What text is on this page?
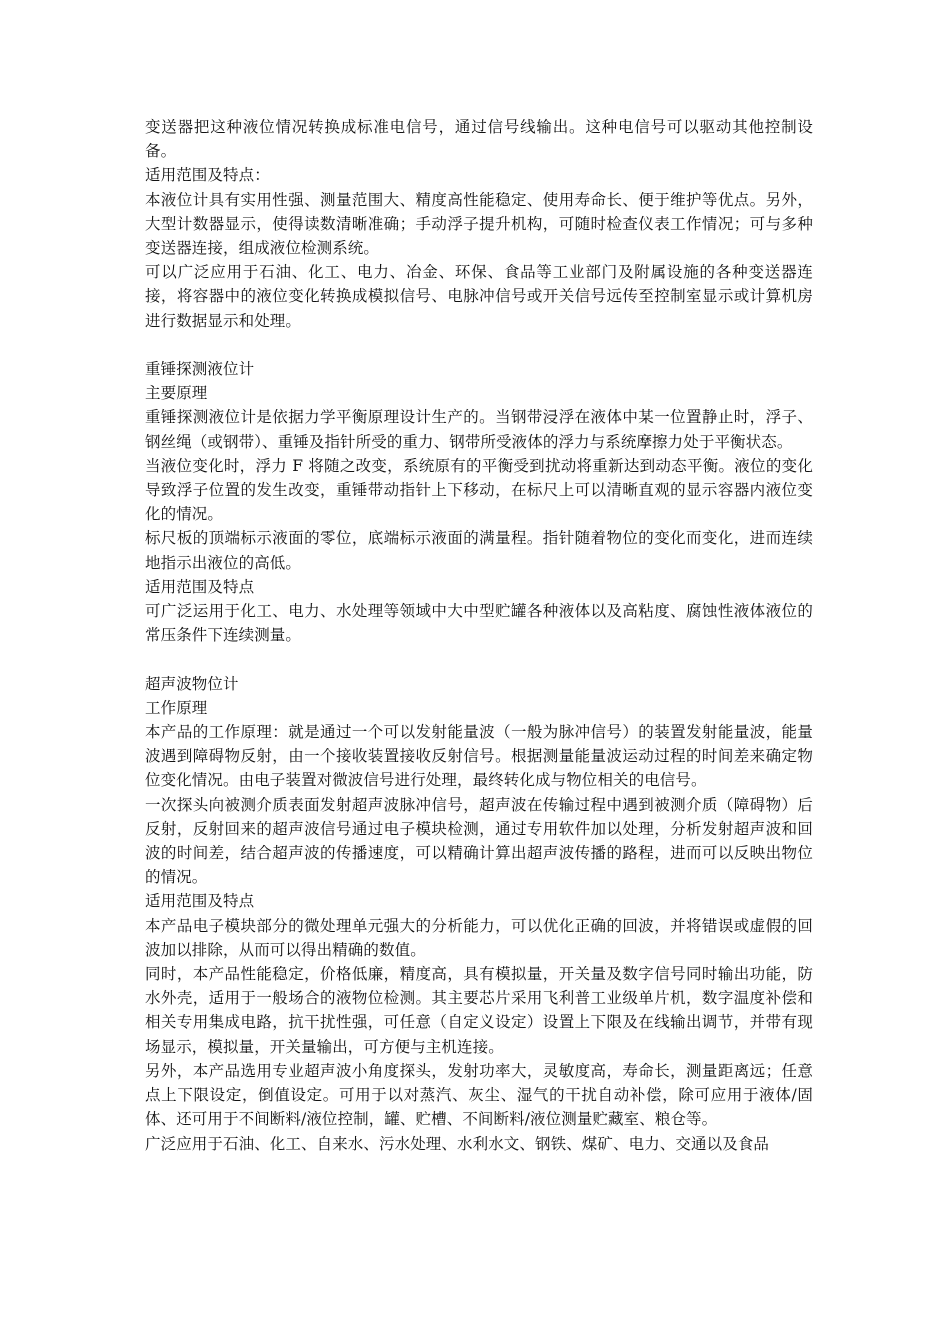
变送器把这种液位情况转换成标准电信号，通过信号线输出。这种电信号可以驱动其他控制设备。

适用范围及特点：

本液位计具有实用性强、测量范围大、精度高性能稳定、使用寿命长、便于维护等优点。另外，大型计数器显示，使得读数清晰准确；手动浮子提升机构，可随时检查仪表工作情况；可与多种变送器连接，组成液位检测系统。

可以广泛应用于石油、化工、电力、冶金、环保、食品等工业部门及附属设施的各种变送器连接，将容器中的液位变化转换成模拟信号、电脉冲信号或开关信号远传至控制室显示或计算机房进行数据显示和处理。

重锤探测液位计

主要原理

重锤探测液位计是依据力学平衡原理设计生产的。当钢带浸浮在液体中某一位置静止时，浮子、钢丝绳（或钢带）、重锤及指针所受的重力、钢带所受液体的浮力与系统摩擦力处于平衡状态。

当液位变化时，浮力 F 将随之改变，系统原有的平衡受到扰动将重新达到动态平衡。液位的变化导致浮子位置的发生改变，重锤带动指针上下移动，在标尺上可以清晰直观的显示容器内液位变化的情况。

标尺板的顶端标示液面的零位，底端标示液面的满量程。指针随着物位的变化而变化，进而连续地指示出液位的高低。

适用范围及特点

可广泛运用于化工、电力、水处理等领域中大中型贮罐各种液体以及高粘度、腐蚀性液体液位的常压条件下连续测量。

超声波物位计

工作原理

本产品的工作原理：就是通过一个可以发射能量波（一般为脉冲信号）的装置发射能量波，能量波遇到障碍物反射，由一个接收装置接收反射信号。根据测量能量波运动过程的时间差来确定物位变化情况。由电子装置对微波信号进行处理，最终转化成与物位相关的电信号。

一次探头向被测介质表面发射超声波脉冲信号，超声波在传输过程中遇到被测介质（障碍物）后反射，反射回来的超声波信号通过电子模块检测，通过专用软件加以处理，分析发射超声波和回波的时间差，结合超声波的传播速度，可以精确计算出超声波传播的路程，进而可以反映出物位的情况。

适用范围及特点

本产品电子模块部分的微处理单元强大的分析能力，可以优化正确的回波，并将错误或虚假的回波加以排除，从而可以得出精确的数值。

同时，本产品性能稳定，价格低廉，精度高，具有模拟量，开关量及数字信号同时输出功能，防水外壳，适用于一般场合的液物位检测。其主要芯片采用飞利普工业级单片机，数字温度补偿和相关专用集成电路，抗干扰性强，可任意（自定义设定）设置上下限及在线输出调节，并带有现场显示，模拟量，开关量输出，可方便与主机连接。

另外，本产品选用专业超声波小角度探头，发射功率大，灵敏度高，寿命长，测量距离远；任意点上下限设定，倒值设定。可用于以对蒸汽、灰尘、湿气的干扰自动补偿，除可应用于液体/固体、还可用于不间断料/液位控制，罐、贮槽、不间断料/液位测量贮藏室、粮仓等。

广泛应用于石油、化工、自来水、污水处理、水利水文、钢铁、煤矿、电力、交通以及食品
